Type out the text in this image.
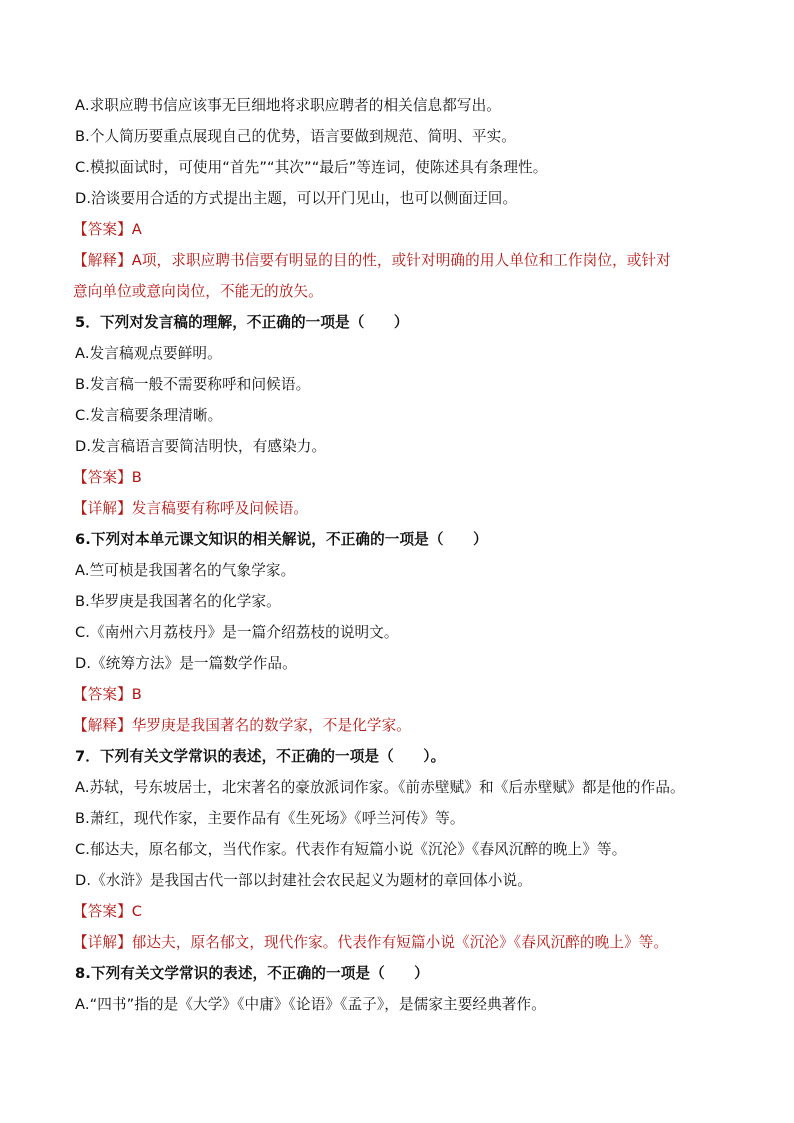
A.求职应聘书信应该事无巨细地将求职应聘者的相关信息都写出。
B.个人简历要重点展现自己的优势，语言要做到规范、简明、平实。
C.模拟面试时，可使用“首先”“其次”“最后”等连词，使陈述具有条理性。
D.洽谈要用合适的方式提出主题，可以开门见山，也可以侧面迂回。
【答案】A
【解释】A项，求职应聘书信要有明显的目的性，或针对明确的用人单位和工作岗位，或针对
意向单位或意向岗位，不能无的放矢。
5．下列对发言稿的理解，不正确的一项是（　　）
A.发言稿观点要鲜明。
B.发言稿一般不需要称呼和问候语。
C.发言稿要条理清晰。
D.发言稿语言要简洁明快，有感染力。
【答案】B
【详解】发言稿要有称呼及问候语。
6.下列对本单元课文知识的相关解说，不正确的一项是（　　）
A.竺可桢是我国著名的气象学家。
B.华罗庚是我国著名的化学家。
C.《南州六月荔枝丹》是一篇介绍荔枝的说明文。
D.《统筹方法》是一篇数学作品。
【答案】B
【解释】华罗庚是我国著名的数学家，不是化学家。
7．下列有关文学常识的表述，不正确的一项是（　　）。
A.苏轼，号东坡居士，北宋著名的豪放派词作家。《前赤壁赋》和《后赤壁赋》都是他的作品。
B.萧红，现代作家，主要作品有《生死场》《呼兰河传》等。
C.郁达夫，原名郁文，当代作家。代表作有短篇小说《沉沦》《春风沉醉的晚上》等。
D.《水浒》是我国古代一部以封建社会农民起义为题材的章回体小说。
【答案】C
【详解】郁达夫，原名郁文，现代作家。代表作有短篇小说《沉沦》《春风沉醉的晚上》等。
8.下列有关文学常识的表述，不正确的一项是（　　）
A.“四书”指的是《大学》《中庸》《论语》《孟子》，是儒家主要经典著作。
